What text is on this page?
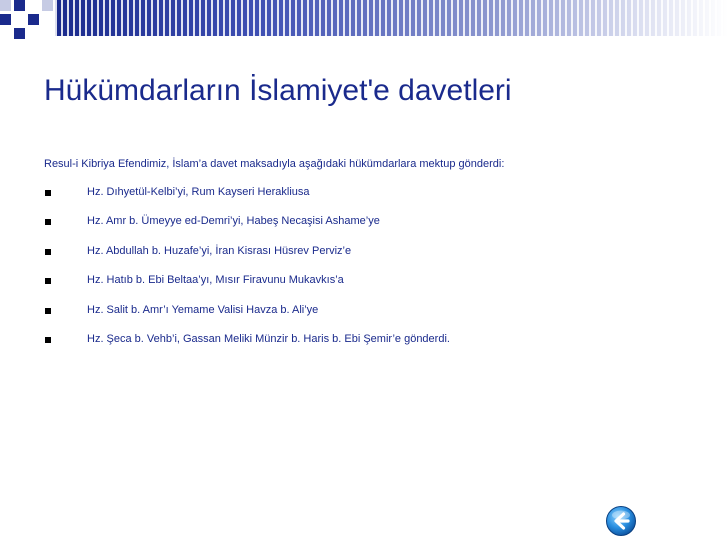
Hükümdarların İslamiyet'e davetleri

Resul-i Kibriya Efendimiz, İslam’a davet maksadıyla aşağıdaki hükümdarlara mektup gönderdi:

Hz. Dıhyetül-Kelbi’yi, Rum Kayseri Herakliusa
Hz. Amr b. Ümeyye ed-Demri’yi, Habeş Necaşisi Ashame’ye
Hz. Abdullah b. Huzafe’yi, İran Kisrası Hüsrev Perviz’e
Hz. Hatıb b. Ebi Beltaa’yı, Mısır Firavunu Mukavkıs’a
Hz. Salit b. Amr’ı Yemame Valisi Havza b. Ali’ye
Hz. Şeca b. Vehb’i, Gassan Meliki Münzir b. Haris b. Ebi Şemir’e gönderdi.
